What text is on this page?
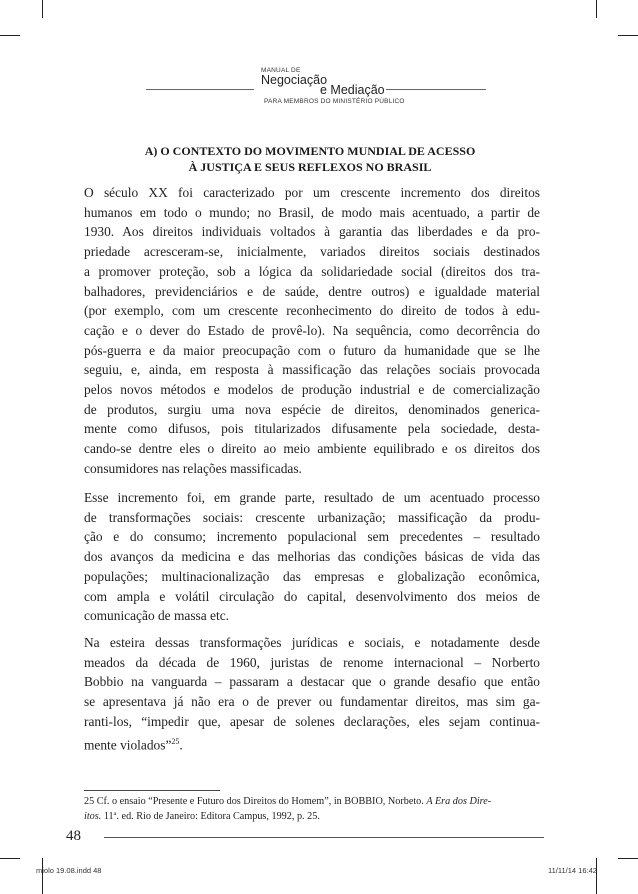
MANUAL DE
Negociação
e Mediação
PARA MEMBROS DO MINISTÉRIO PÚBLICO
A) O CONTEXTO DO MOVIMENTO MUNDIAL DE ACESSO
À JUSTIÇA E SEUS REFLEXOS NO BRASIL
O século XX foi caracterizado por um crescente incremento dos direitos
humanos em todo o mundo; no Brasil, de modo mais acentuado, a partir de
1930. Aos direitos individuais voltados à garantia das liberdades e da pro-
priedade acresceram-se, inicialmente, variados direitos sociais destinados
a promover proteção, sob a lógica da solidariedade social (direitos dos tra-
balhadores, previdenciários e de saúde, dentre outros) e igualdade material
(por exemplo, com um crescente reconhecimento do direito de todos à edu-
cação e o dever do Estado de provê-lo). Na sequência, como decorrência do
pós-guerra e da maior preocupação com o futuro da humanidade que se lhe
seguiu, e, ainda, em resposta à massificação das relações sociais provocada
pelos novos métodos e modelos de produção industrial e de comercialização
de produtos, surgiu uma nova espécie de direitos, denominados generica-
mente como difusos, pois titularizados difusamente pela sociedade, desta-
cando-se dentre eles o direito ao meio ambiente equilibrado e os direitos dos
consumidores nas relações massificadas.
Esse incremento foi, em grande parte, resultado de um acentuado processo
de transformações sociais: crescente urbanização; massificação da produ-
ção e do consumo; incremento populacional sem precedentes – resultado
dos avanços da medicina e das melhorias das condições básicas de vida das
populações; multinacionalização das empresas e globalização econômica,
com ampla e volátil circulação do capital, desenvolvimento dos meios de
comunicação de massa etc.
Na esteira dessas transformações jurídicas e sociais, e notadamente desde
meados da década de 1960, juristas de renome internacional – Norberto
Bobbio na vanguarda – passaram a destacar que o grande desafio que então
se apresentava já não era o de prever ou fundamentar direitos, mas sim ga-
ranti-los, “impedir que, apesar de solenes declarações, eles sejam continua-
mente violados”$^{25}$.
25 Cf. o ensaio “Presente e Futuro dos Direitos do Homem”, in BOBBIO, Norbeto. A Era dos Dire-
itos. 11ª. ed. Rio de Janeiro: Editora Campus, 1992, p. 25.
48
miolo 19.08.indd 48	11/11/14 16:42
